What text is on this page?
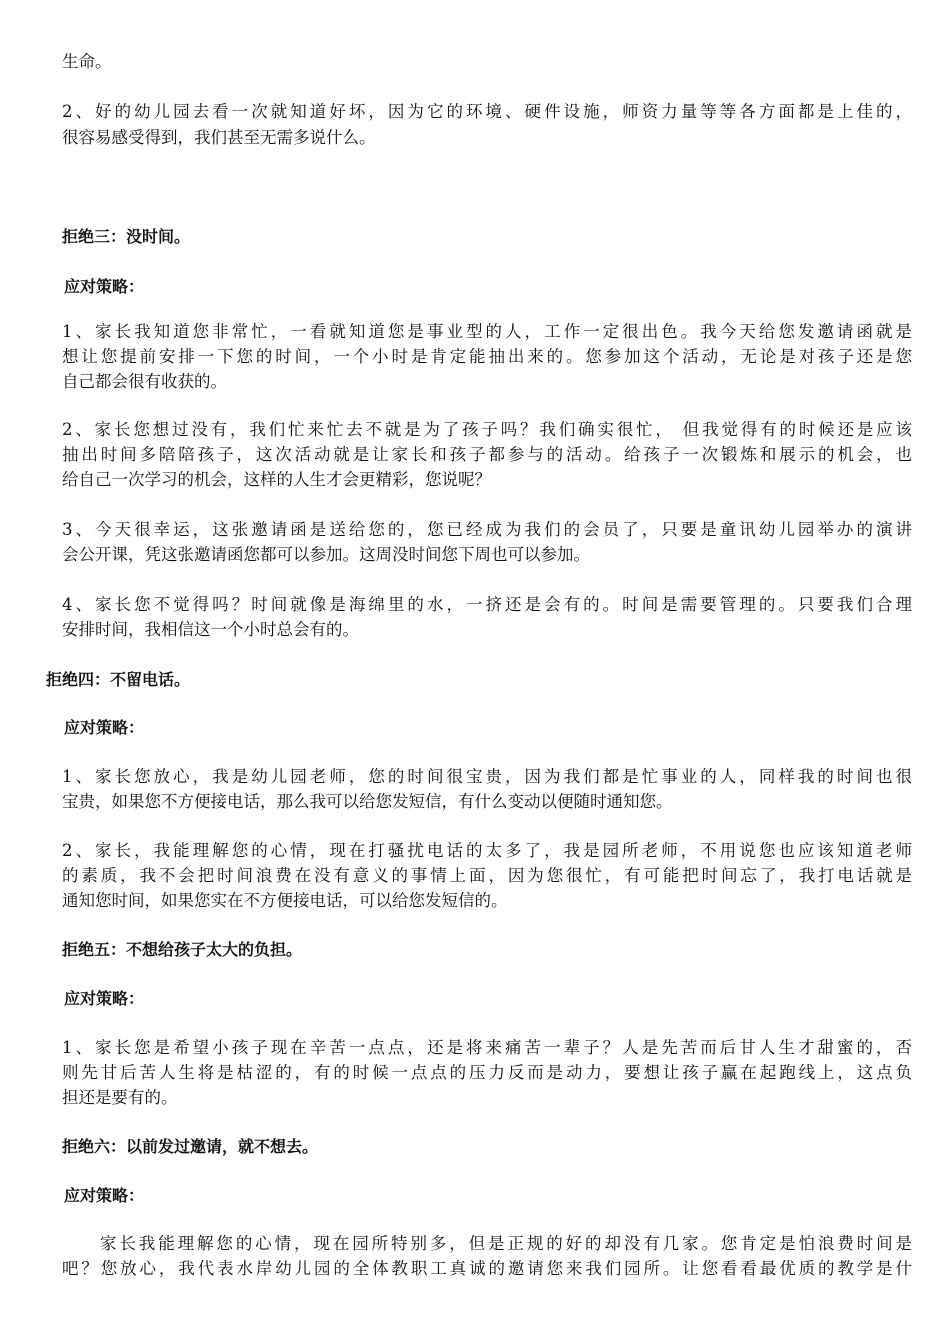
生命。
2、好的幼儿园去看一次就知道好坏，因为它的环境、硬件设施，师资力量等等各方面都是上佳的，
很容易感受得到，我们甚至无需多说什么。
拒绝三：没时间。
应对策略：
1、家长我知道您非常忙，一看就知道您是事业型的人，工作一定很出色。我今天给您发邀请函就是
想让您提前安排一下您的时间，一个小时是肯定能抽出来的。您参加这个活动，无论是对孩子还是您
自己都会很有收获的。
2、家长您想过没有，我们忙来忙去不就是为了孩子吗？我们确实很忙， 但我觉得有的时候还是应该
抽出时间多陪陪孩子，这次活动就是让家长和孩子都参与的活动。给孩子一次锻炼和展示的机会，也
给自己一次学习的机会，这样的人生才会更精彩，您说呢？
3、今天很幸运，这张邀请函是送给您的，您已经成为我们的会员了，只要是童讯幼儿园举办的演讲
会公开课，凭这张邀请函您都可以参加。这周没时间您下周也可以参加。
4、家长您不觉得吗？时间就像是海绵里的水，一挤还是会有的。时间是需要管理的。只要我们合理
安排时间，我相信这一个小时总会有的。
拒绝四：不留电话。
应对策略：
1、家长您放心，我是幼儿园老师，您的时间很宝贵，因为我们都是忙事业的人，同样我的时间也很
宝贵，如果您不方便接电话，那么我可以给您发短信，有什么变动以便随时通知您。
2、家长，我能理解您的心情，现在打骚扰电话的太多了，我是园所老师，不用说您也应该知道老师
的素质，我不会把时间浪费在没有意义的事情上面，因为您很忙，有可能把时间忘了，我打电话就是
通知您时间，如果您实在不方便接电话，可以给您发短信的。
拒绝五：不想给孩子太大的负担。
应对策略：
1、家长您是希望小孩子现在辛苦一点点，还是将来痛苦一辈子？人是先苦而后甘人生才甜蜜的，否
则先甘后苦人生将是枯涩的，有的时候一点点的压力反而是动力，要想让孩子赢在起跑线上，这点负
担还是要有的。
拒绝六：以前发过邀请，就不想去。
应对策略：
家长我能理解您的心情，现在园所特别多，但是正规的好的却没有几家。您肯定是怕浪费时间是
吧？您放心，我代表水岸幼儿园的全体教职工真诚的邀请您来我们园所。让您看看最优质的教学是什
